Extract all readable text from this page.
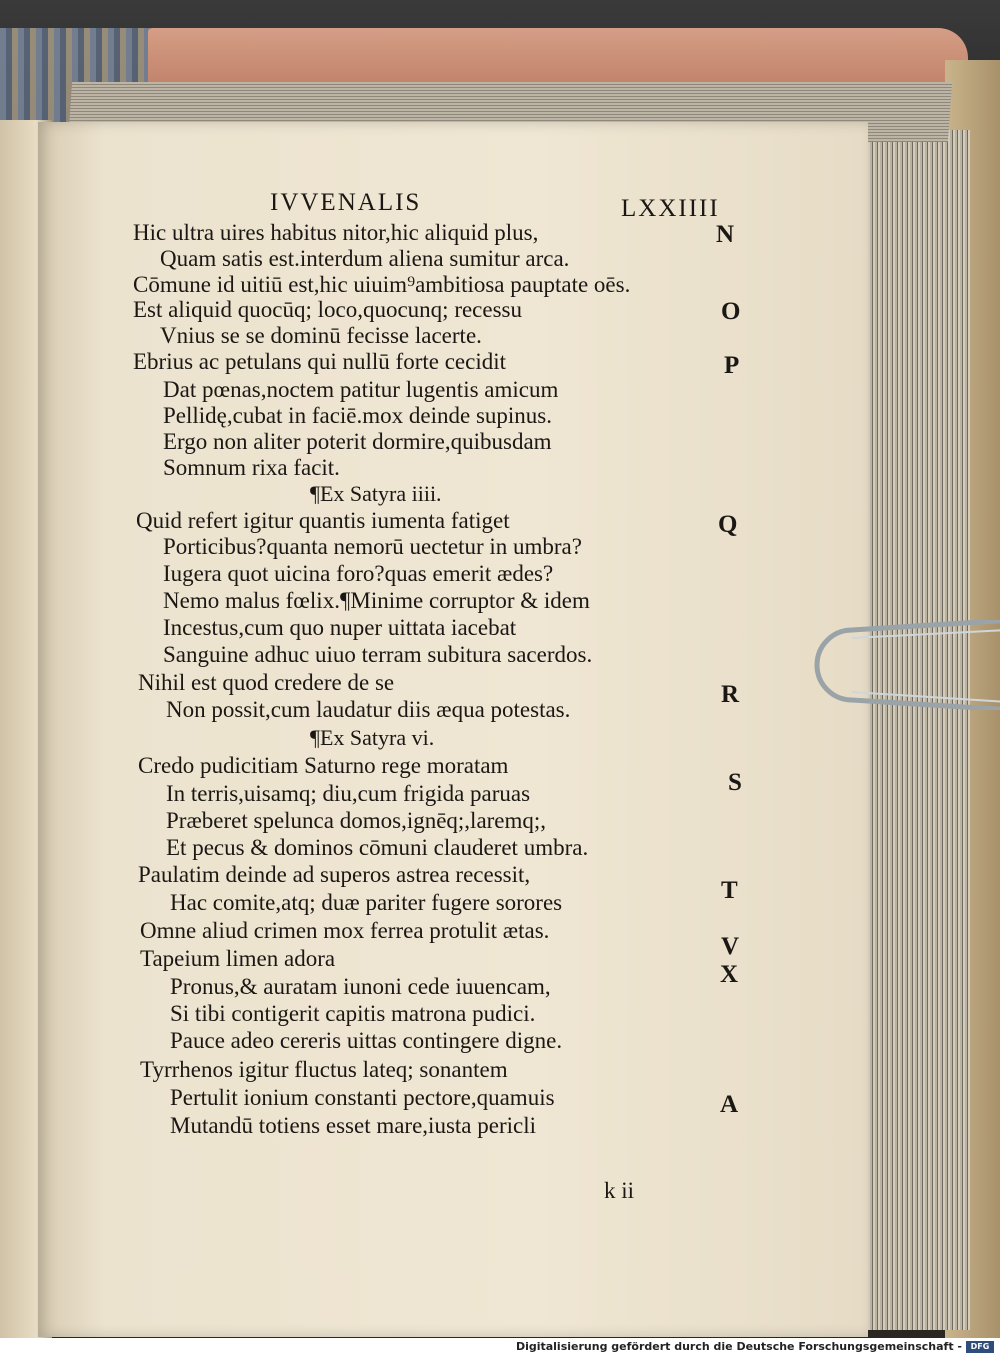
IVVENALIS	LXXIIII
Hic ultra uires habitus nitor,hic aliquid plus,
Quam satis est.interdum aliena sumitur arca.
Cōmune id uitiū est,hic uiuim⁹ambitiosa pauptate oēs.
Est aliquid quocūq; loco,quocunq; recessu
Vnius se se dominū fecisse lacerte.
Ebrius ac petulans qui nullū forte cecidit
Dat pœnas,noctem patitur lugentis amicum
Pellidę,cubat in faciē.mox deinde supinus.
Ergo non aliter poterit dormire,quibusdam
Somnum rixa facit.
¶Ex Satyra iiii.
Quid refert igitur quantis iumenta fatiget
Porticibus?quanta nemorū uectetur in umbra?
Iugera quot uicina foro?quas emerit ædes?
Nemo malus fœlix.¶Minime corruptor & idem
Incestus,cum quo nuper uittata iacebat
Sanguine adhuc uiuo terram subitura sacerdos.
Nihil est quod credere de se
Non possit,cum laudatur diis æqua potestas.
¶Ex Satyra vi.
Credo pudicitiam Saturno rege moratam
In terris,uisamq; diu,cum frigida paruas
Præberet spelunca domos,ignēq;,laremq;,
Et pecus & dominos cōmuni clauderet umbra.
Paulatim deinde ad superos astrea recessit,
Hac comite,atq; duæ pariter fugere sorores
Omne aliud crimen mox ferrea protulit ætas.
Tapeium limen adora
Pronus,& auratam iunoni cede iuuencam,
Si tibi contigerit capitis matrona pudici.
Pauce adeo cereris uittas contingere digne.
Tyrrhenos igitur fluctus lateq; sonantem
Pertulit ionium constanti pectore,quamuis
Mutandū totiens esset mare,iusta pericli
N
O
P
Q
R
S
T
V
X
A
k ii
Digitalisierung gefördert durch die Deutsche Forschungsgemeinschaft -	DFG
